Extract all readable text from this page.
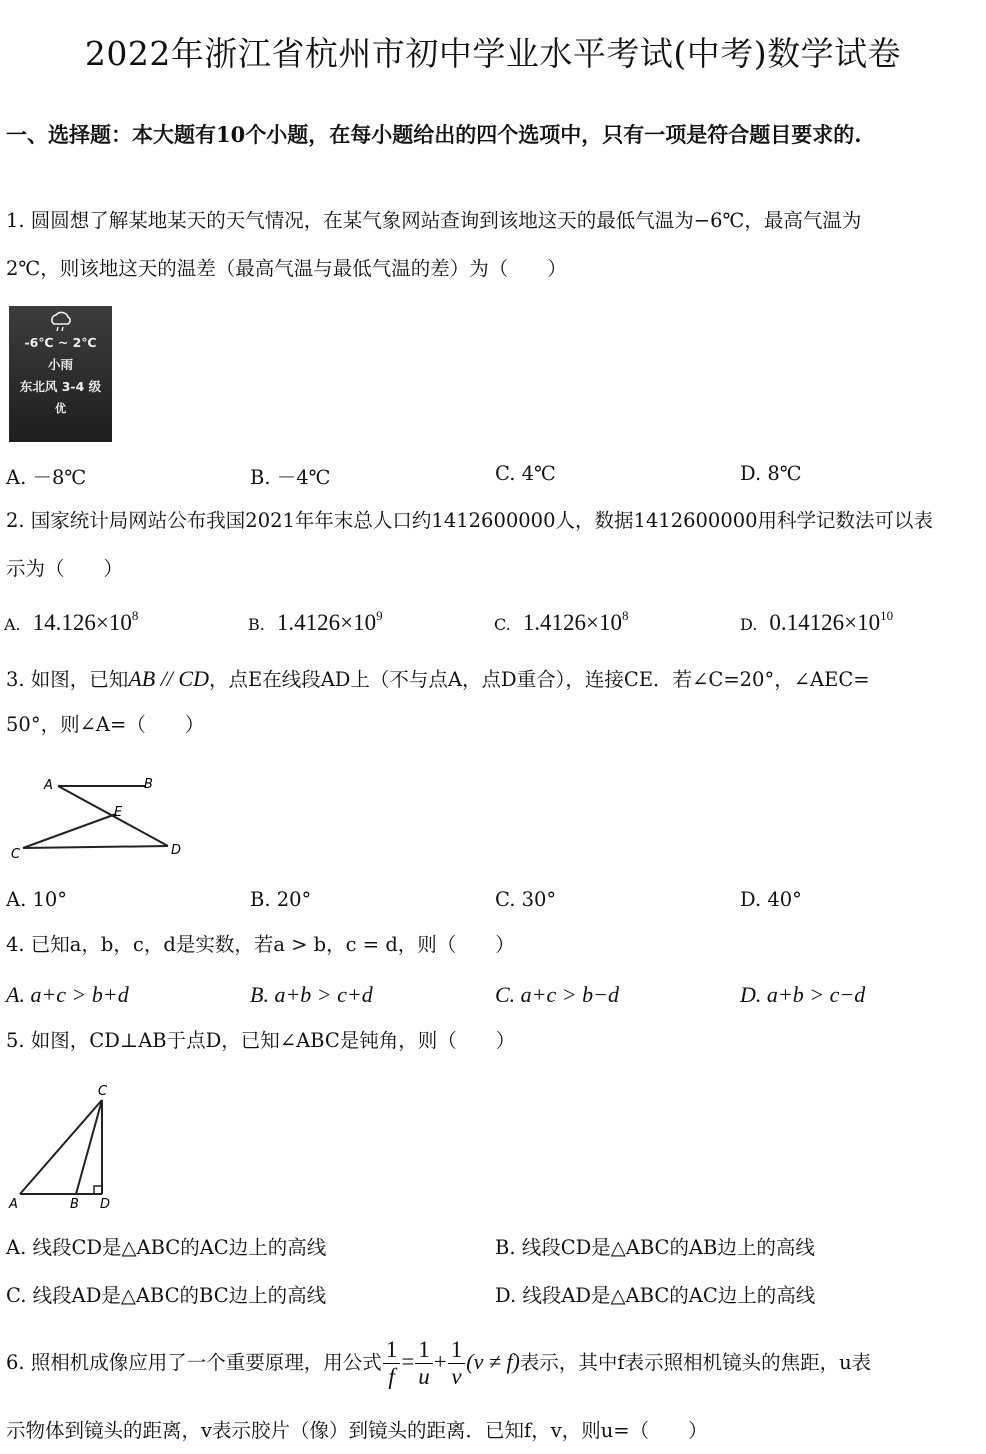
2022年浙江省杭州市初中学业水平考试(中考)数学试卷
一、选择题：本大题有10个小题，在每小题给出的四个选项中，只有一项是符合题目要求的.
1. 圆圆想了解某地某天的天气情况，在某气象网站查询到该地这天的最低气温为−6℃，最高气温为
2℃，则该地这天的温差（最高气温与最低气温的差）为（　　）
-6℃ ~ 2℃
小雨
东北风 3-4 级
优
A. －8℃	B. －4℃	C. 4℃	D. 8℃
2. 国家统计局网站公布我国2021年年末总人口约1412600000人，数据1412600000用科学记数法可以表
示为（　　）
A. $14.126\times 10^8$	B. $1.4126\times 10^9$	C. $1.4126\times 10^8$	D. $0.14126\times 10^{10}$
3. 如图，已知AB // CD，点E在线段AD上（不与点A，点D重合），连接CE．若∠C=20°，∠AEC=
50°，则∠A=（　　）
A	B
E
C	D
A. 10°	B. 20°	C. 30°	D. 40°
4. 已知a，b，c，d是实数，若a > b，c = d，则（　　）
A. a+c > b+d	B. a+b > c+d	C. a+c > b−d	D. a+b > c−d
5. 如图，CD⊥AB于点D，已知∠ABC是钝角，则（　　）
C
A	B D
A. 线段CD是△ABC的AC边上的高线	B. 线段CD是△ABC的AB边上的高线
C. 线段AD是△ABC的BC边上的高线	D. 线段AD是△ABC的AC边上的高线
6. 照相机成像应用了一个重要原理，用公式 $\frac{1}{f} = \frac{1}{u} + \frac{1}{v} (v \ne f)$表示，其中f表示照相机镜头的焦距，u表
示物体到镜头的距离，v表示胶片（像）到镜头的距离．已知f，v，则u=（　　）
